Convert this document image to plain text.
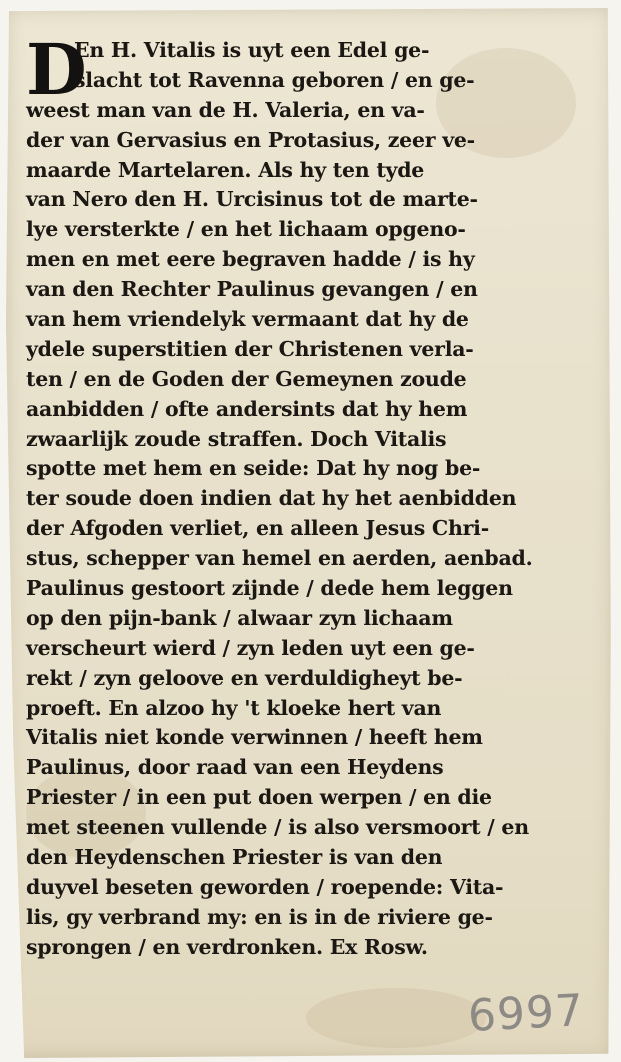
D
En H. Vitalis is uyt een Edel ge-
slacht tot Ravenna geboren / en ge-
weest man van de H. Valeria, en va-
der van Gervasius en Protasius, zeer ve-
maarde Martelaren. Als hy ten tyde
van Nero den H. Urcisinus tot de marte-
lye versterkte / en het lichaam opgeno-
men en met eere begraven hadde / is hy
van den Rechter Paulinus gevangen / en
van hem vriendelyk vermaant dat hy de
ydele superstitien der Christenen verla-
ten / en de Goden der Gemeynen zoude
aanbidden / ofte andersints dat hy hem
zwaarlijk zoude straffen. Doch Vitalis
spotte met hem en seide: Dat hy nog be-
ter soude doen indien dat hy het aenbidden
der Afgoden verliet, en alleen Jesus Chri-
stus, schepper van hemel en aerden, aenbad.
Paulinus gestoort zijnde / dede hem leggen
op den pijn-bank / alwaar zyn lichaam
verscheurt wierd / zyn leden uyt een ge-
rekt / zyn geloove en verduldigheyt be-
proeft. En alzoo hy 't kloeke hert van
Vitalis niet konde verwinnen / heeft hem
Paulinus, door raad van een Heydens
Priester / in een put doen werpen / en die
met steenen vullende / is also versmoort / en
den Heydenschen Priester is van den
duyvel beseten geworden / roepende: Vita-
lis, gy verbrand my: en is in de riviere ge-
sprongen / en verdronken. Ex Rosw.
6997
